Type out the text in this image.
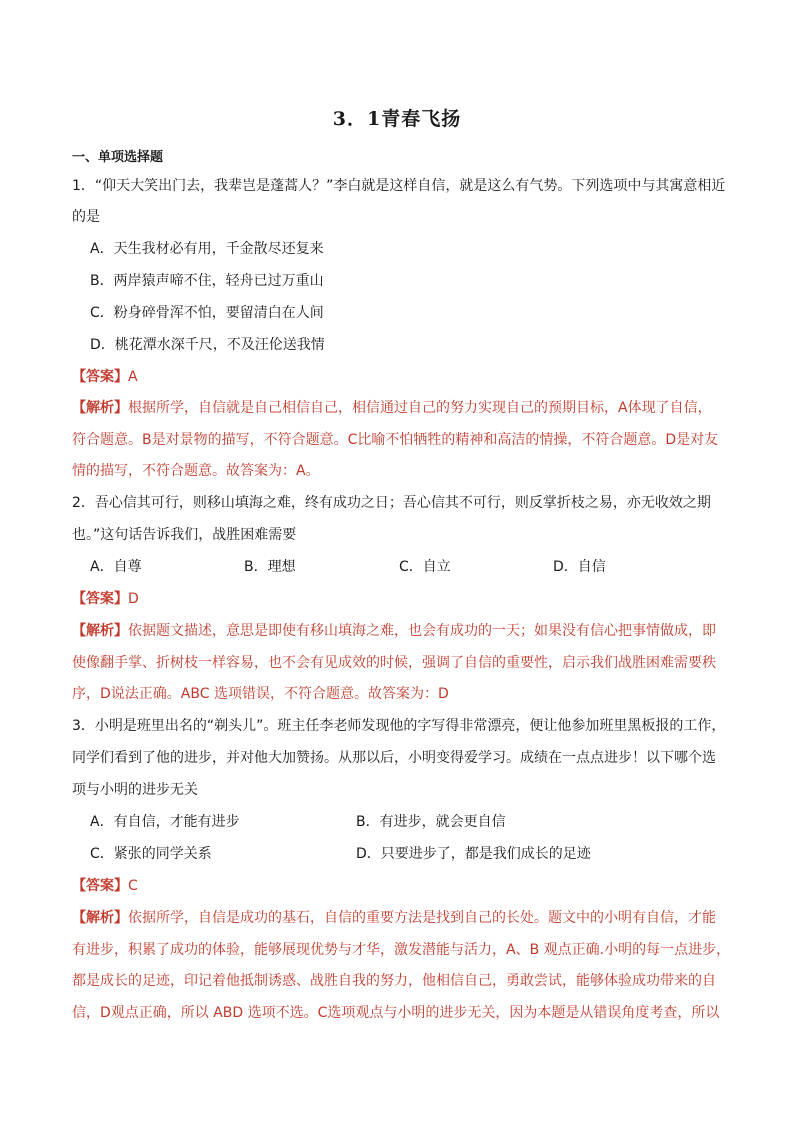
3．1青春飞扬
一、单项选择题
1．“仰天大笑出门去，我辈岂是蓬蒿人？”李白就是这样自信，就是这么有气势。下列选项中与其寓意相近
的是
A．天生我材必有用，千金散尽还复来
B．两岸猿声啼不住，轻舟已过万重山
C．粉身碎骨浑不怕，要留清白在人间
D．桃花潭水深千尺，不及汪伦送我情
【答案】A
【解析】根据所学，自信就是自己相信自己，相信通过自己的努力实现自己的预期目标，A体现了自信，
符合题意。B是对景物的描写，不符合题意。C比喻不怕牺牲的精神和高洁的情操，不符合题意。D是对友
情的描写，不符合题意。故答案为：A。
2．吾心信其可行，则移山填海之难，终有成功之日；吾心信其不可行，则反掌折枝之易，亦无收效之期
也。”这句话告诉我们，战胜困难需要
A．自尊	B．理想	C．自立	D．自信
【答案】D
【解析】依据题文描述，意思是即使有移山填海之难，也会有成功的一天；如果没有信心把事情做成，即
使像翻手掌、折树枝一样容易，也不会有见成效的时候，强调了自信的重要性，启示我们战胜困难需要秩
序，D说法正确。ABC 选项错误，不符合题意。故答案为：D
3．小明是班里出名的“剃头儿”。班主任李老师发现他的字写得非常漂亮，便让他参加班里黑板报的工作，
同学们看到了他的进步，并对他大加赞扬。从那以后，小明变得爱学习。成绩在一点点进步！以下哪个选
项与小明的进步无关
A．有自信，才能有进步	B．有进步，就会更自信
C．紧张的同学关系	D．只要进步了，都是我们成长的足迹
【答案】C
【解析】依据所学，自信是成功的基石，自信的重要方法是找到自己的长处。题文中的小明有自信，才能
有进步，积累了成功的体验，能够展现优势与才华，激发潜能与活力，A、B 观点正确.小明的每一点进步，
都是成长的足迹，印记着他抵制诱惑、战胜自我的努力，他相信自己，勇敢尝试，能够体验成功带来的自
信，D观点正确，所以 ABD 选项不选。C选项观点与小明的进步无关，因为本题是从错误角度考查，所以
